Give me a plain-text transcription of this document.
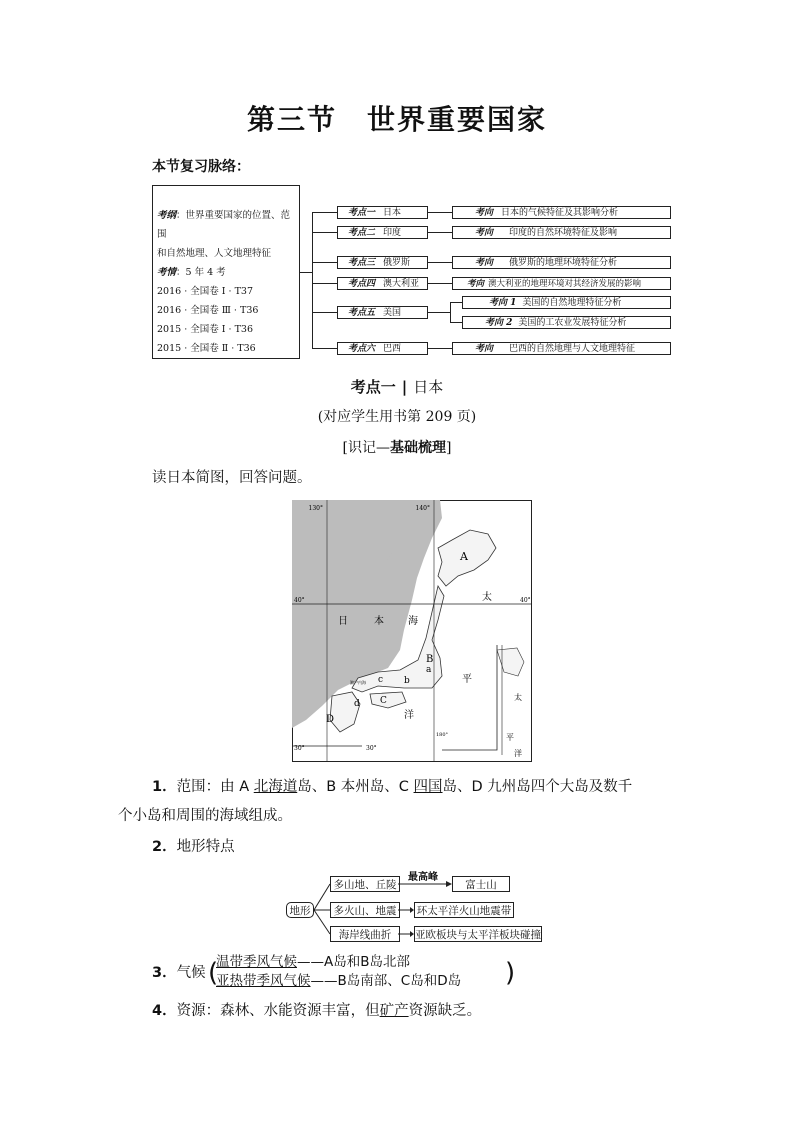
第三节 世界重要国家
本节复习脉络：
考纲：世界重要国家的位置、范围
和自然地理、人文地理特征
考情：5 年 4 考
2016 · 全国卷 Ⅰ · T37
2016 · 全国卷 Ⅲ · T36
2015 · 全国卷 Ⅰ · T36
2015 · 全国卷 Ⅱ · T36
考点一 日本
考点二 印度
考点三 俄罗斯
考点四 澳大利亚
考点五 美国
考点六 巴西
考向 日本的气候特征及其影响分析
考向 印度的自然环境特征及影响
考向 俄罗斯的地理环境特征分析
考向 澳大利亚的地理环境对其经济发展的影响
考向 1 美国的自然地理特征分析
考向 2 美国的工农业发展特征分析
考向 巴西的自然地理与人文地理特征
考点一 | 日本
(对应学生用书第 209 页)
[识记—基础梳理]
读日本简图，回答问题。
130°	140°
40°	40°
30°	30°
A
B
a
b
c
d C
D
日	本 海
太
平
洋
太
平
洋
180°
濑户内海
1．范围：由 A 北海道岛、B 本州岛、C 四国岛、D 九州岛四个大岛及数千
个小岛和周围的海域组成。
2．地形特点
地形
多山地、丘陵
最高峰
富士山
多火山、地震	环太平洋火山地震带
海岸线曲折	亚欧板块与太平洋板块碰撞
3．气候 (
温带季风气候——A岛和B岛北部
亚热带季风气候——B岛南部、C岛和D岛 )
4．资源：森林、水能资源丰富，但矿产资源缺乏。
